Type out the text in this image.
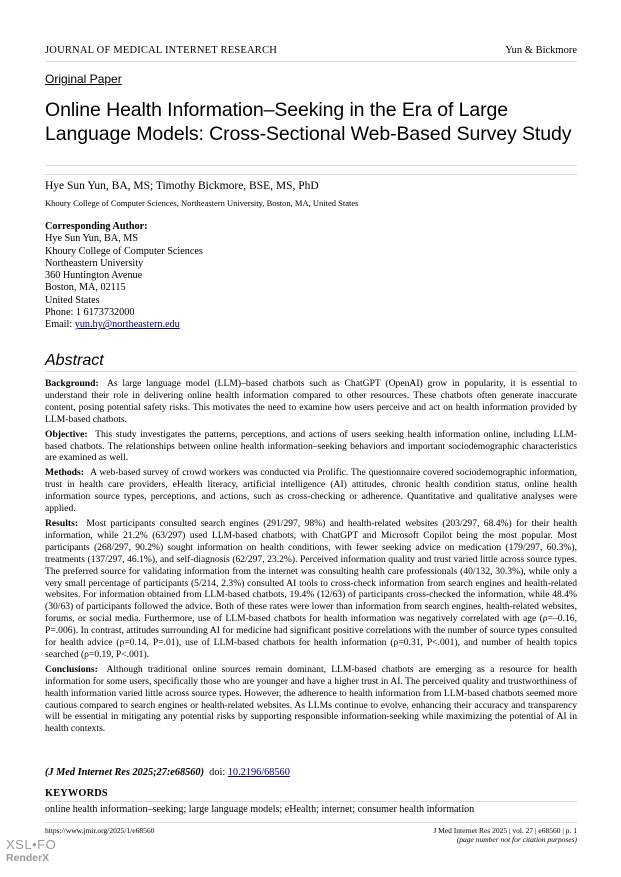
JOURNAL OF MEDICAL INTERNET RESEARCH	Yun & Bickmore
Original Paper
Online Health Information–Seeking in the Era of Large Language Models: Cross-Sectional Web-Based Survey Study
Hye Sun Yun, BA, MS; Timothy Bickmore, BSE, MS, PhD
Khoury College of Computer Sciences, Northeastern University, Boston, MA, United States
Corresponding Author:
Hye Sun Yun, BA, MS
Khoury College of Computer Sciences
Northeastern University
360 Huntington Avenue
Boston, MA, 02115
United States
Phone: 1 6173732000
Email: yun.hy@northeastern.edu
Abstract

Background: As large language model (LLM)–based chatbots such as ChatGPT (OpenAI) grow in popularity, it is essential to understand their role in delivering online health information compared to other resources. These chatbots often generate inaccurate content, posing potential safety risks. This motivates the need to examine how users perceive and act on health information provided by LLM-based chatbots.

Objective: This study investigates the patterns, perceptions, and actions of users seeking health information online, including LLM-based chatbots. The relationships between online health information–seeking behaviors and important sociodemographic characteristics are examined as well.

Methods: A web-based survey of crowd workers was conducted via Prolific. The questionnaire covered sociodemographic information, trust in health care providers, eHealth literacy, artificial intelligence (AI) attitudes, chronic health condition status, online health information source types, perceptions, and actions, such as cross-checking or adherence. Quantitative and qualitative analyses were applied.

Results: Most participants consulted search engines (291/297, 98%) and health-related websites (203/297, 68.4%) for their health information, while 21.2% (63/297) used LLM-based chatbots, with ChatGPT and Microsoft Copilot being the most popular. Most participants (268/297, 90.2%) sought information on health conditions, with fewer seeking advice on medication (179/297, 60.3%), treatments (137/297, 46.1%), and self-diagnosis (62/297, 23.2%). Perceived information quality and trust varied little across source types. The preferred source for validating information from the internet was consulting health care professionals (40/132, 30.3%), while only a very small percentage of participants (5/214, 2.3%) consulted AI tools to cross-check information from search engines and health-related websites. For information obtained from LLM-based chatbots, 19.4% (12/63) of participants cross-checked the information, while 48.4% (30/63) of participants followed the advice. Both of these rates were lower than information from search engines, health-related websites, forums, or social media. Furthermore, use of LLM-based chatbots for health information was negatively correlated with age (ρ=–0.16, P=.006). In contrast, attitudes surrounding AI for medicine had significant positive correlations with the number of source types consulted for health advice (ρ=0.14, P=.01), use of LLM-based chatbots for health information (ρ=0.31, P<.001), and number of health topics searched (ρ=0.19, P<.001).

Conclusions: Although traditional online sources remain dominant, LLM-based chatbots are emerging as a resource for health information for some users, specifically those who are younger and have a higher trust in AI. The perceived quality and trustworthiness of health information varied little across source types. However, the adherence to health information from LLM-based chatbots seemed more cautious compared to search engines or health-related websites. As LLMs continue to evolve, enhancing their accuracy and transparency will be essential in mitigating any potential risks by supporting responsible information-seeking while maximizing the potential of AI in health contexts.

(J Med Internet Res 2025;27:e68560) doi: 10.2196/68560
KEYWORDS
online health information–seeking; large language models; eHealth; internet; consumer health information
https://www.jmir.org/2025/1/e68560	J Med Internet Res 2025 | vol. 27 | e68560 | p. 1
(page number not for citation purposes)
XSL•FO
RenderX
